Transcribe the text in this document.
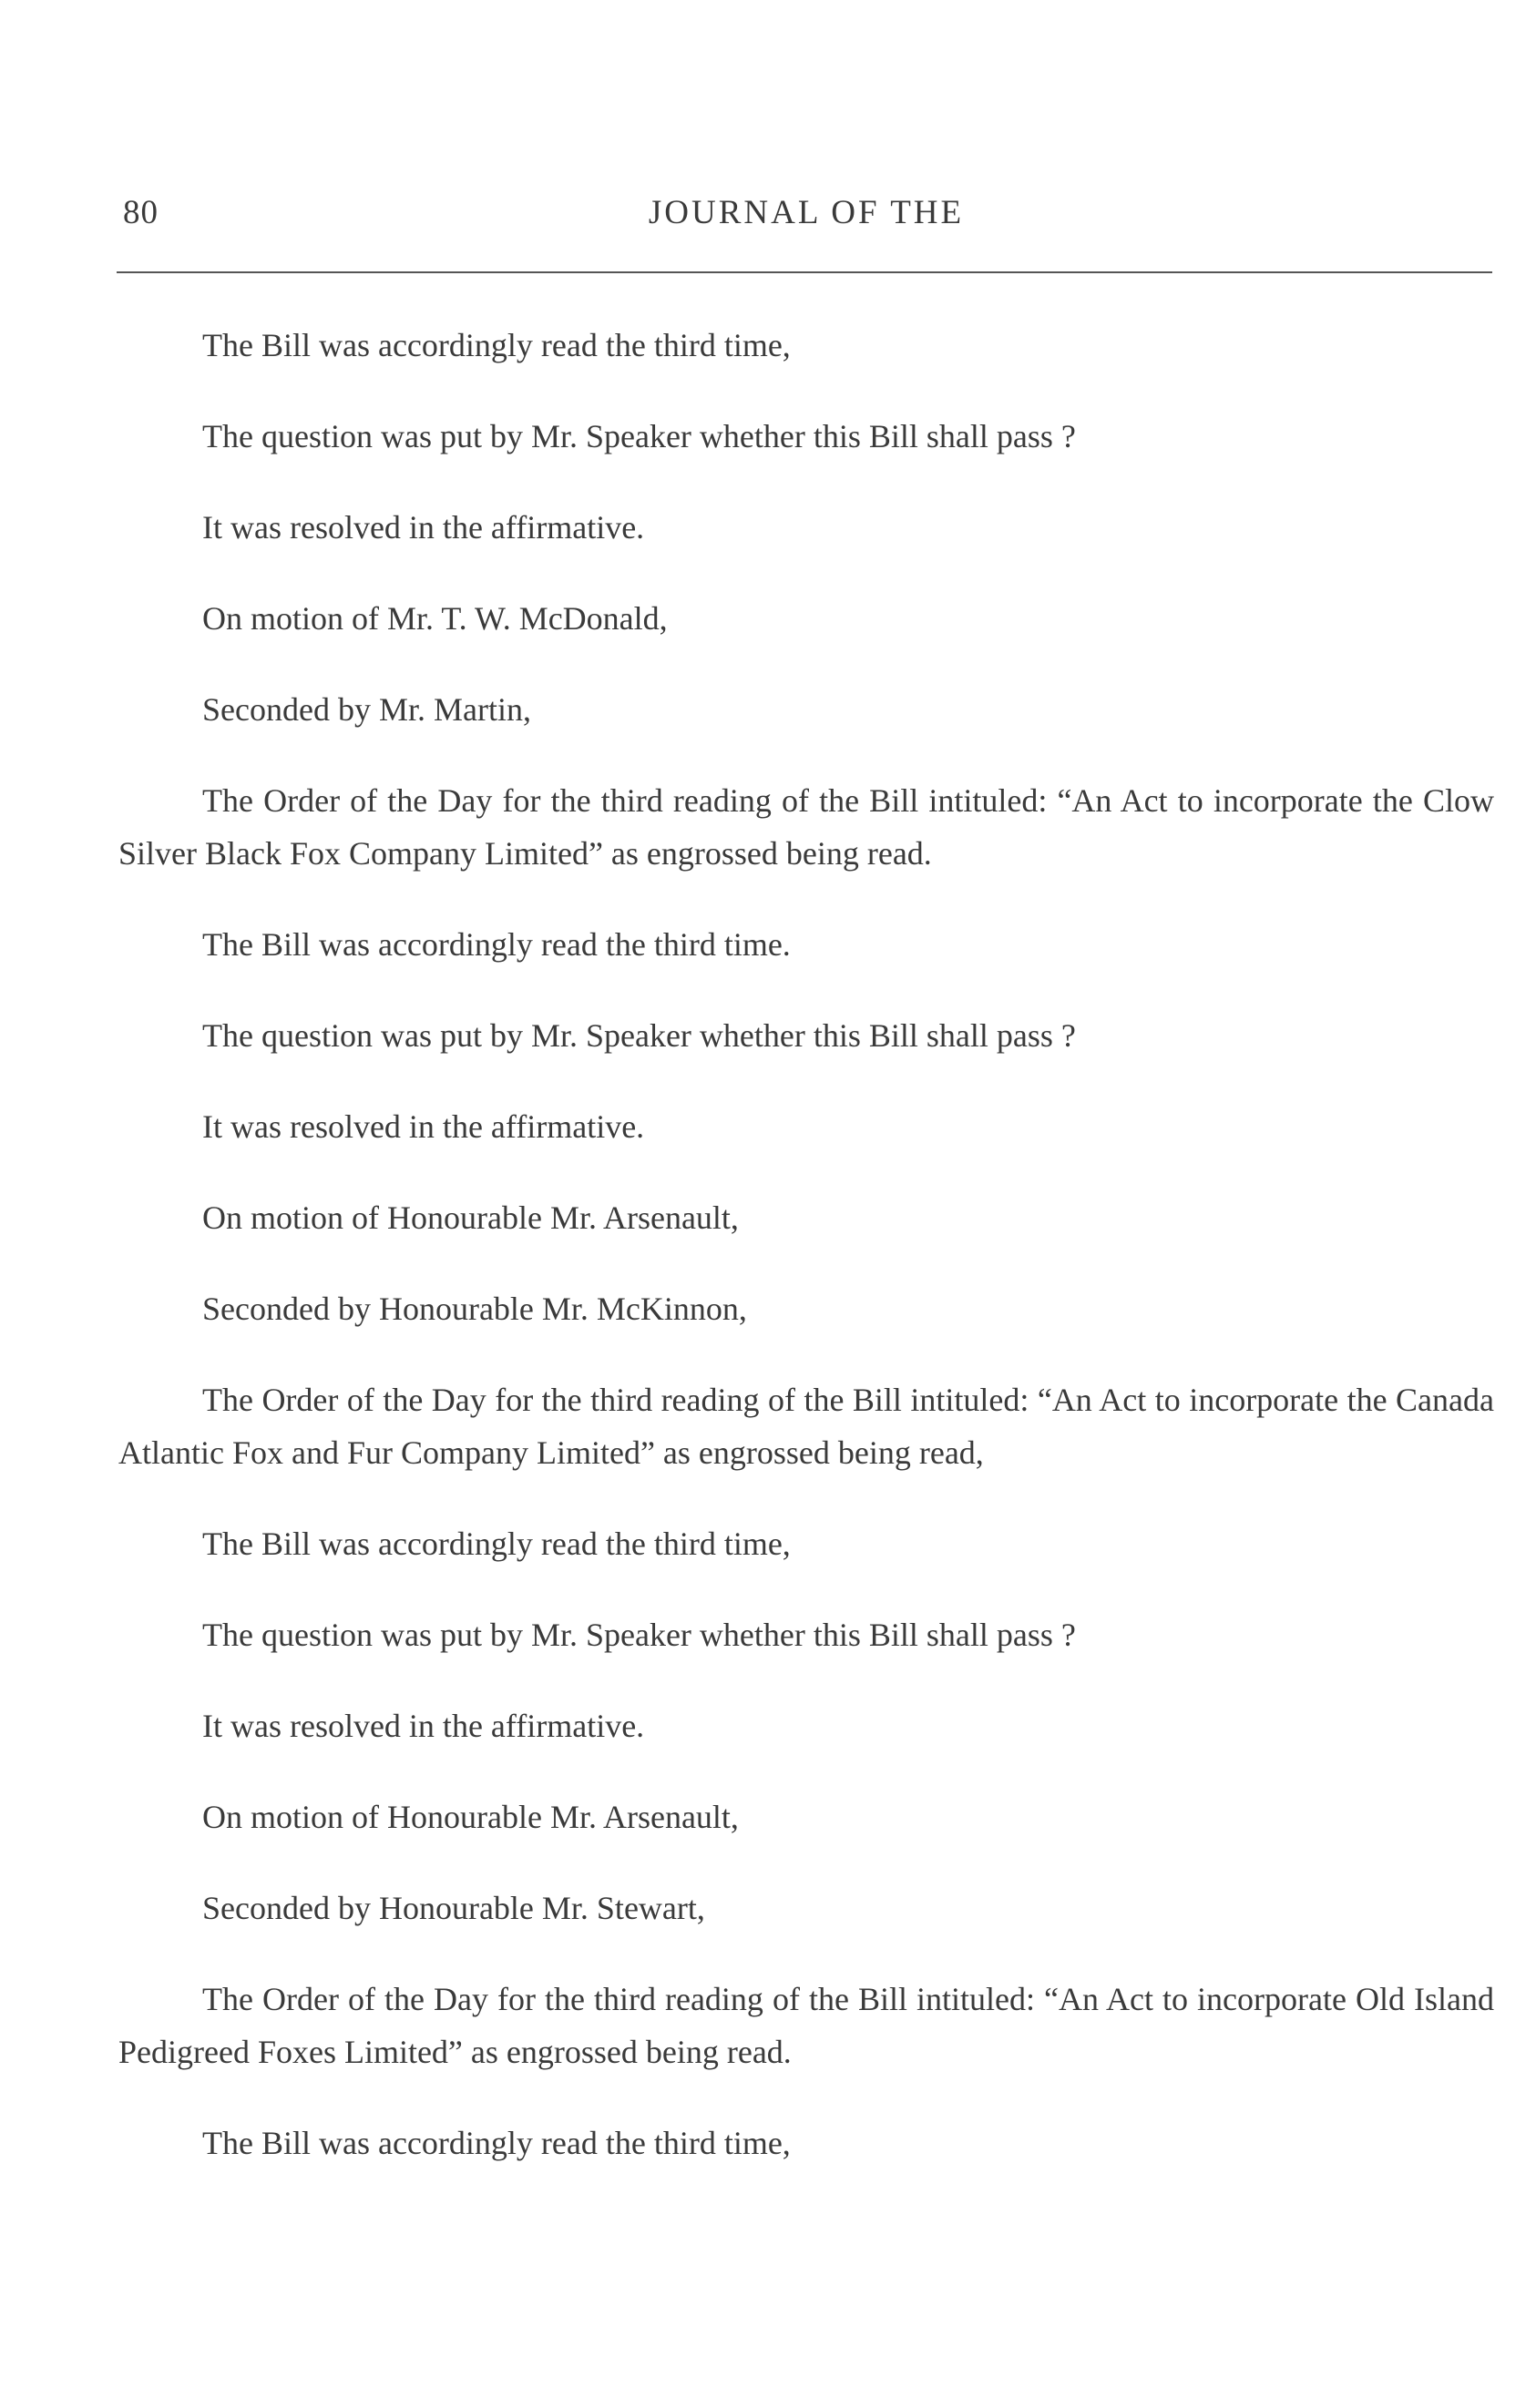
80	JOURNAL OF THE

The Bill was accordingly read the third time,

The question was put by Mr. Speaker whether this Bill shall pass ?

It was resolved in the affirmative.

On motion of Mr. T. W. McDonald,

Seconded by Mr. Martin,

The Order of the Day for the third reading of the Bill intituled: “An Act to incorporate the Clow Silver Black Fox Company Limited” as engrossed being read.

The Bill was accordingly read the third time.

The question was put by Mr. Speaker whether this Bill shall pass ?

It was resolved in the affirmative.

On motion of Honourable Mr. Arsenault,

Seconded by Honourable Mr. McKinnon,

The Order of the Day for the third reading of the Bill intituled: “An Act to incorporate the Canada Atlantic Fox and Fur Company Limited” as engrossed being read,

The Bill was accordingly read the third time,

The question was put by Mr. Speaker whether this Bill shall pass ?

It was resolved in the affirmative.

On motion of Honourable Mr. Arsenault,

Seconded by Honourable Mr. Stewart,

The Order of the Day for the third reading of the Bill intituled: “An Act to incorporate Old Island Pedigreed Foxes Limited” as engrossed being read.

The Bill was accordingly read the third time,
